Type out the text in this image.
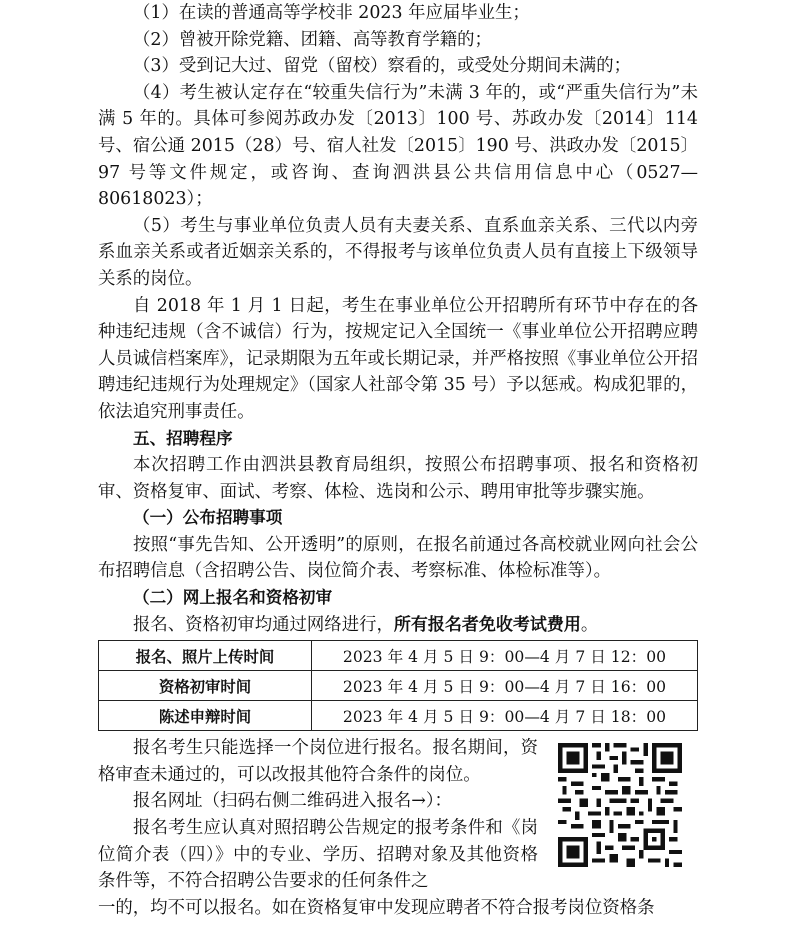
（1）在读的普通高等学校非 2023 年应届毕业生；

（2）曾被开除党籍、团籍、高等教育学籍的；

（3）受到记大过、留党（留校）察看的，或受处分期间未满的；

（4）考生被认定存在“较重失信行为”未满 3 年的，或“严重失信行为”未满 5 年的。具体可参阅苏政办发〔2013〕100 号、苏政办发〔2014〕114 号、宿公通 2015（28）号、宿人社发〔2015〕190 号、洪政办发〔2015〕97 号等文件规定，或咨询、查询泗洪县公共信用信息中心（0527—80618023）；

（5）考生与事业单位负责人员有夫妻关系、直系血亲关系、三代以内旁系血亲关系或者近姻亲关系的，不得报考与该单位负责人员有直接上下级领导关系的岗位。

自 2018 年 1 月 1 日起，考生在事业单位公开招聘所有环节中存在的各种违纪违规（含不诚信）行为，按规定记入全国统一《事业单位公开招聘应聘人员诚信档案库》，记录期限为五年或长期记录，并严格按照《事业单位公开招聘违纪违规行为处理规定》（国家人社部令第 35 号）予以惩戒。构成犯罪的，依法追究刑事责任。

五、招聘程序

本次招聘工作由泗洪县教育局组织，按照公布招聘事项、报名和资格初审、资格复审、面试、考察、体检、选岗和公示、聘用审批等步骤实施。

（一）公布招聘事项

按照“事先告知、公开透明”的原则，在报名前通过各高校就业网向社会公布招聘信息（含招聘公告、岗位简介表、考察标准、体检标准等）。

（二）网上报名和资格初审

报名、资格初审均通过网络进行，所有报名者免收考试费用。

报名、照片上传时间	2023 年 4 月 5 日 9：00—4 月 7 日 12：00
资格初审时间	2023 年 4 月 5 日 9：00—4 月 7 日 16：00
陈述申辩时间	2023 年 4 月 5 日 9：00—4 月 7 日 18：00

报名考生只能选择一个岗位进行报名。报名期间，资格审查未通过的，可以改报其他符合条件的岗位。

报名网址（扫码右侧二维码进入报名→）：

报名考生应认真对照招聘公告规定的报考条件和《岗位简介表（四）》中的专业、学历、招聘对象及其他资格条件等，不符合招聘公告要求的任何条件之

一的，均不可以报名。如在资格复审中发现应聘者不符合报考岗位资格条
